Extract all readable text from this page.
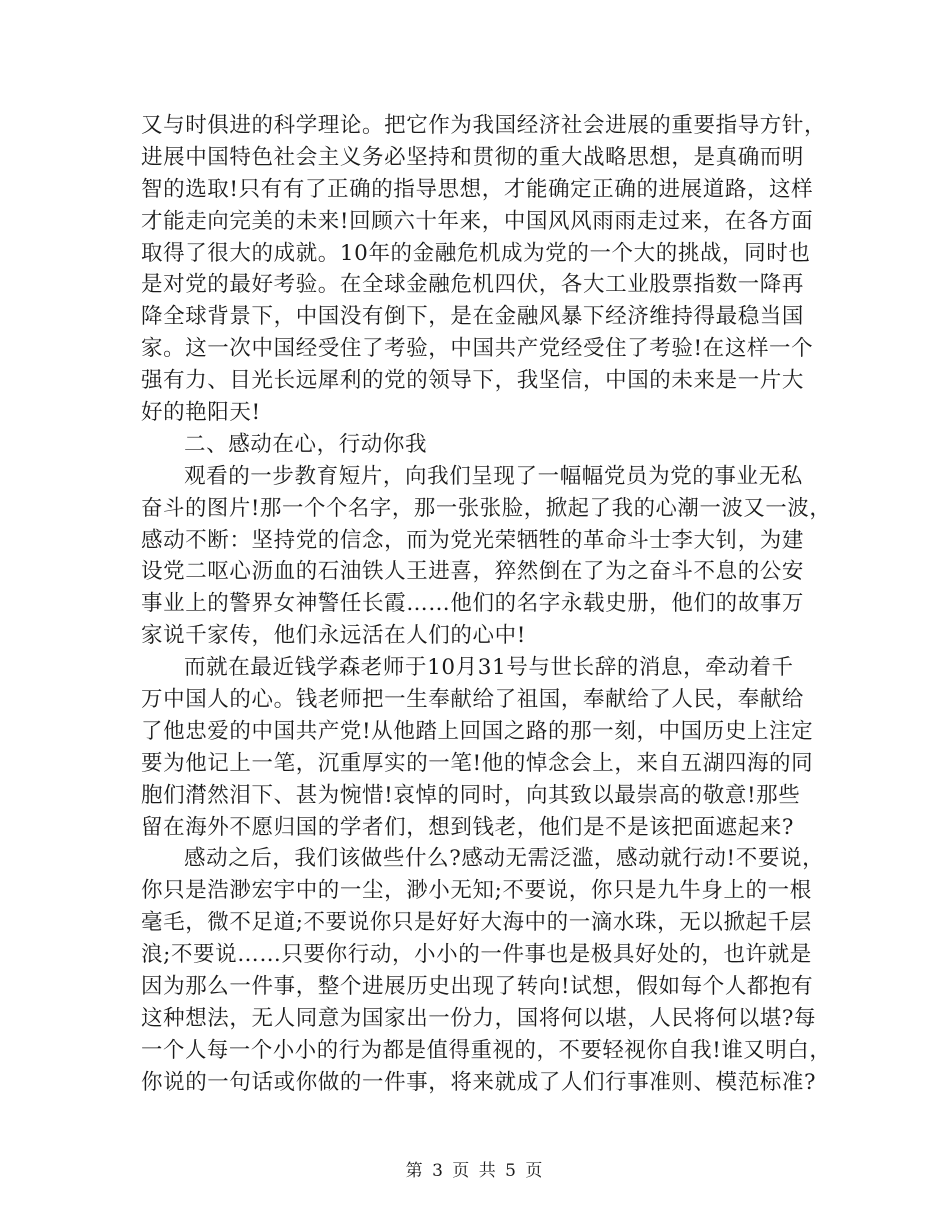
又与时俱进的科学理论。把它作为我国经济社会进展的重要指导方针，
进展中国特色社会主义务必坚持和贯彻的重大战略思想，是真确而明
智的选取!只有有了正确的指导思想，才能确定正确的进展道路，这样
才能走向完美的未来!回顾六十年来，中国风风雨雨走过来，在各方面
取得了很大的成就。10年的金融危机成为党的一个大的挑战，同时也
是对党的最好考验。在全球金融危机四伏，各大工业股票指数一降再
降全球背景下，中国没有倒下，是在金融风暴下经济维持得最稳当国
家。这一次中国经受住了考验，中国共产党经受住了考验!在这样一个
强有力、目光长远犀利的党的领导下，我坚信，中国的未来是一片大
好的艳阳天!
二、感动在心，行动你我
观看的一步教育短片，向我们呈现了一幅幅党员为党的事业无私
奋斗的图片!那一个个名字，那一张张脸，掀起了我的心潮一波又一波，
感动不断：坚持党的信念，而为党光荣牺牲的革命斗士李大钊，为建
设党二呕心沥血的石油铁人王进喜，猝然倒在了为之奋斗不息的公安
事业上的警界女神警任长霞……他们的名字永载史册，他们的故事万
家说千家传，他们永远活在人们的心中!
而就在最近钱学森老师于10月31号与世长辞的消息，牵动着千
万中国人的心。钱老师把一生奉献给了祖国，奉献给了人民，奉献给
了他忠爱的中国共产党!从他踏上回国之路的那一刻，中国历史上注定
要为他记上一笔，沉重厚实的一笔!他的悼念会上，来自五湖四海的同
胞们潸然泪下、甚为惋惜!哀悼的同时，向其致以最崇高的敬意!那些
留在海外不愿归国的学者们，想到钱老，他们是不是该把面遮起来?
感动之后，我们该做些什么?感动无需泛滥，感动就行动!不要说，
你只是浩渺宏宇中的一尘，渺小无知;不要说，你只是九牛身上的一根
毫毛，微不足道;不要说你只是好好大海中的一滴水珠，无以掀起千层
浪;不要说……只要你行动，小小的一件事也是极具好处的，也许就是
因为那么一件事，整个进展历史出现了转向!试想，假如每个人都抱有
这种想法，无人同意为国家出一份力，国将何以堪，人民将何以堪?每
一个人每一个小小的行为都是值得重视的，不要轻视你自我!谁又明白，
你说的一句话或你做的一件事，将来就成了人们行事准则、模范标准?
第 3 页 共 5 页
